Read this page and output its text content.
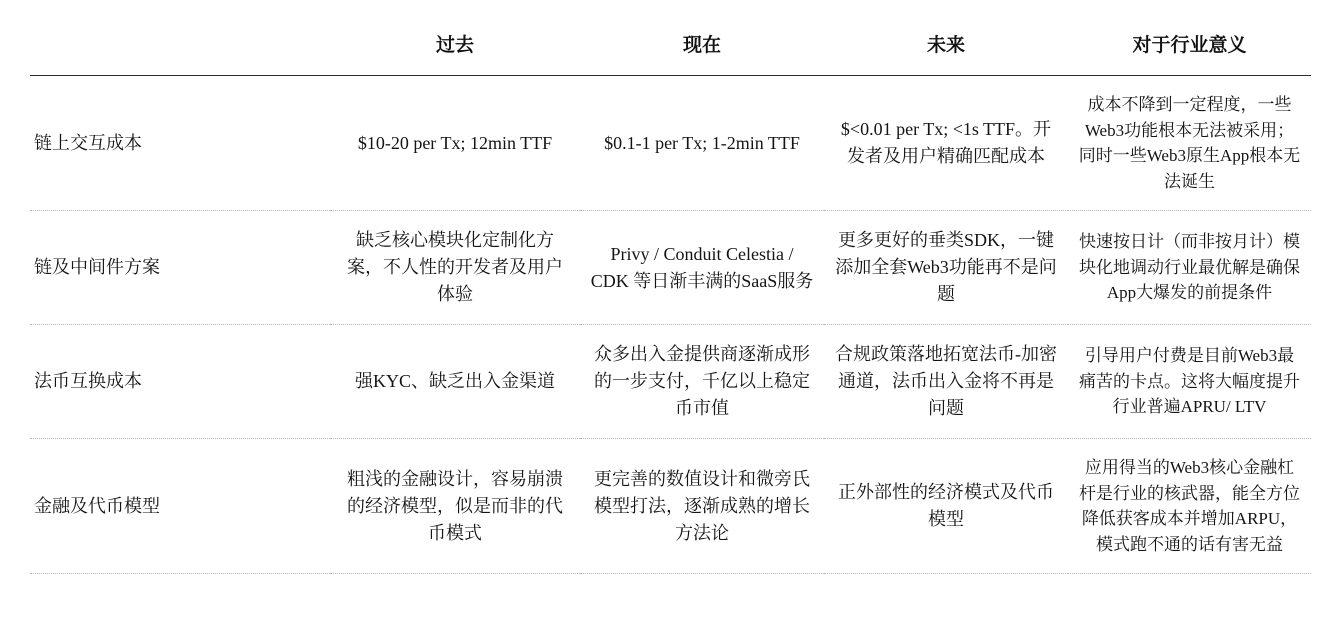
	过去	现在	未来	对于行业意义
链上交互成本	$10-20 per Tx; 12min TTF	$0.1-1 per Tx; 1-2min TTF	$<0.01 per Tx; <1s TTF。开发者及用户精确匹配成本	成本不降到一定程度，一些Web3功能根本无法被采用；同时一些Web3原生App根本无法诞生
链及中间件方案	缺乏核心模块化定制化方案，不人性的开发者及用户体验	Privy / Conduit Celestia / CDK 等日渐丰满的SaaS服务	更多更好的垂类SDK，一键添加全套Web3功能再不是问题	快速按日计（而非按月计）模块化地调动行业最优解是确保App大爆发的前提条件
法币互换成本	强KYC、缺乏出入金渠道	众多出入金提供商逐渐成形的一步支付，千亿以上稳定币市值	合规政策落地拓宽法币-加密通道，法币出入金将不再是问题	引导用户付费是目前Web3最痛苦的卡点。这将大幅度提升行业普遍APRU/ LTV
金融及代币模型	粗浅的金融设计，容易崩溃的经济模型，似是而非的代币模式	更完善的数值设计和微旁氏模型打法，逐渐成熟的增长方法论	正外部性的经济模式及代币模型	应用得当的Web3核心金融杠杆是行业的核武器，能全方位降低获客成本并增加ARPU，模式跑不通的话有害无益
